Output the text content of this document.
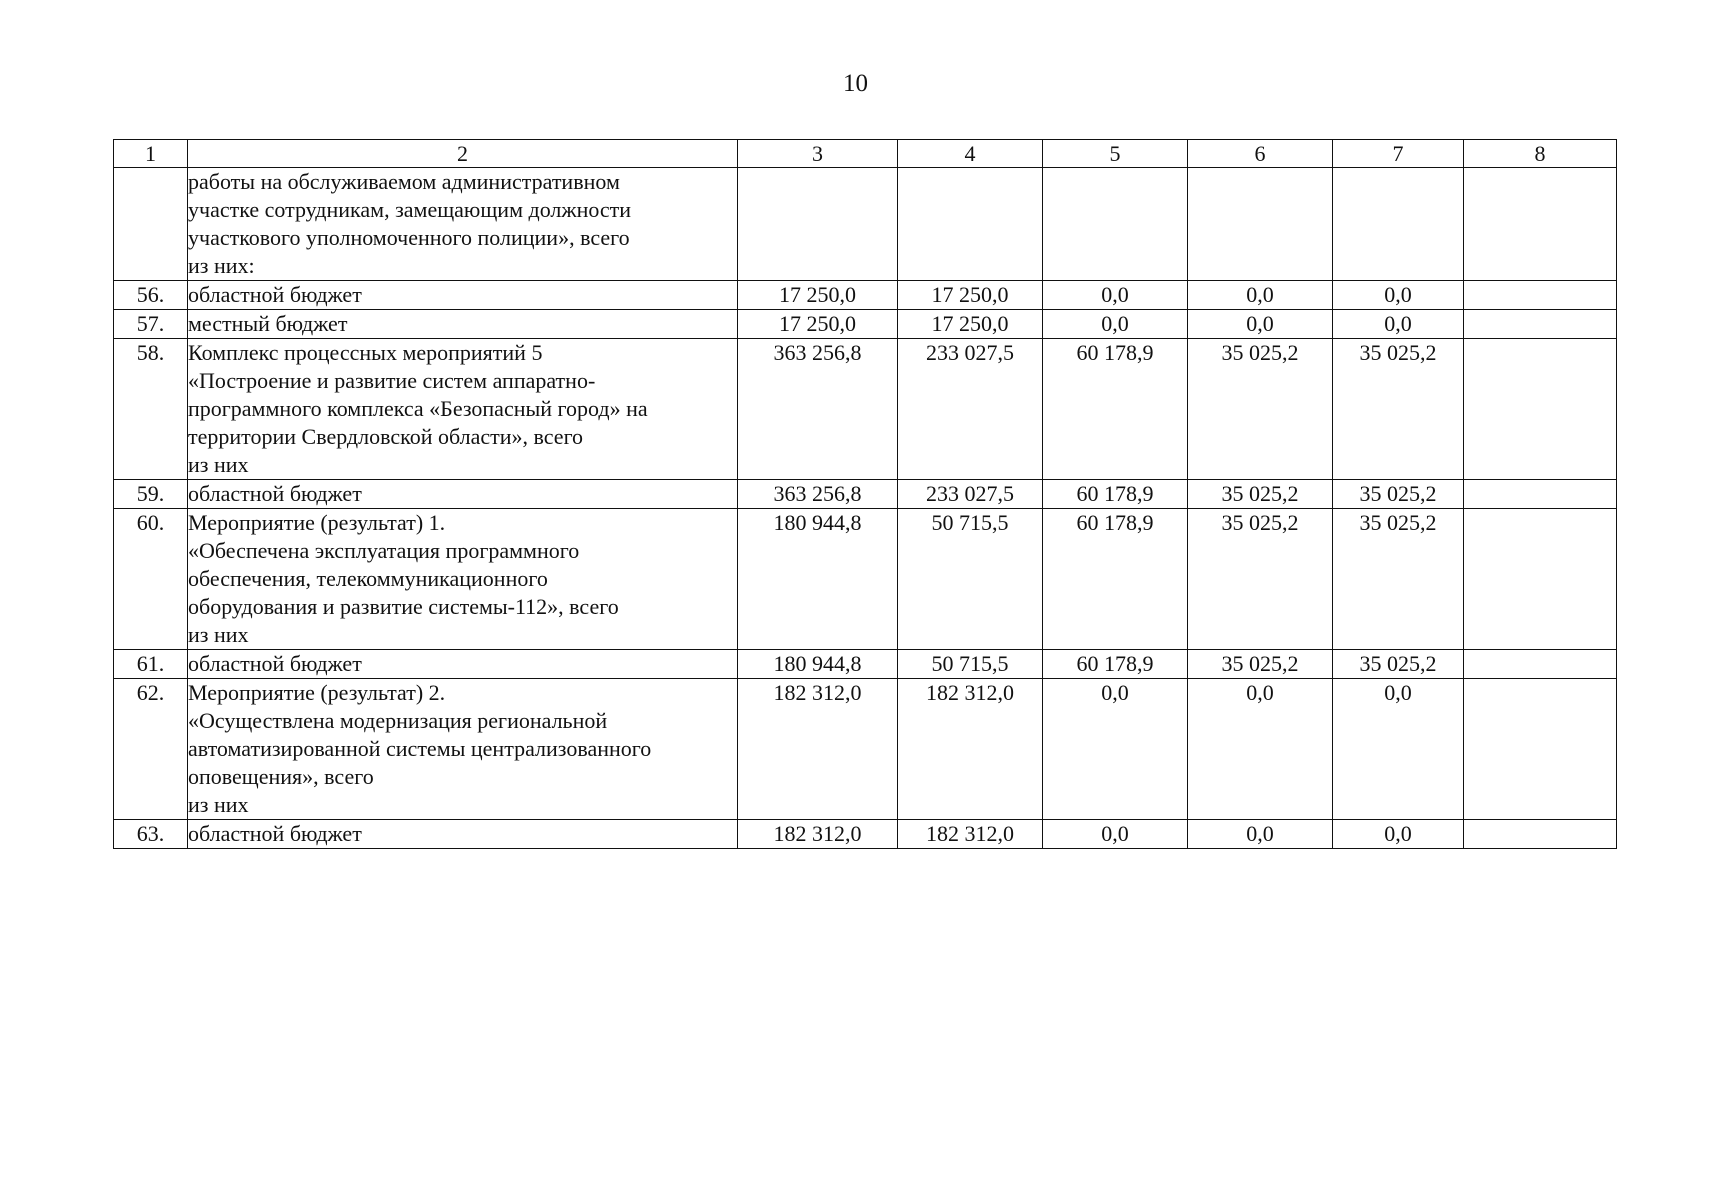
10
1	2	3	4	5	6	7	8

	работы на обслуживаемом административном
участке сотрудникам, замещающим должности
участкового уполномоченного полиции», всего
из них:						

56.	областной бюджет	17 250,0	17 250,0	0,0	0,0	0,0	
57.	местный бюджет	17 250,0	17 250,0	0,0	0,0	0,0	
58.	Комплекс процессных мероприятий 5
«Построение и развитие систем аппаратно-
программного комплекса «Безопасный город» на
территории Свердловской области», всего
из них	363 256,8	233 027,5	60 178,9	35 025,2	35 025,2	
59.	областной бюджет	363 256,8	233 027,5	60 178,9	35 025,2	35 025,2	
60.	Мероприятие (результат) 1.
«Обеспечена эксплуатация программного
обеспечения, телекоммуникационного
оборудования и развитие системы-112», всего
из них	180 944,8	50 715,5	60 178,9	35 025,2	35 025,2	
61.	областной бюджет	180 944,8	50 715,5	60 178,9	35 025,2	35 025,2	
62.	Мероприятие (результат) 2.
«Осуществлена модернизация региональной
автоматизированной системы централизованного
оповещения», всего
из них	182 312,0	182 312,0	0,0	0,0	0,0	
63.	областной бюджет	182 312,0	182 312,0	0,0	0,0	0,0	
